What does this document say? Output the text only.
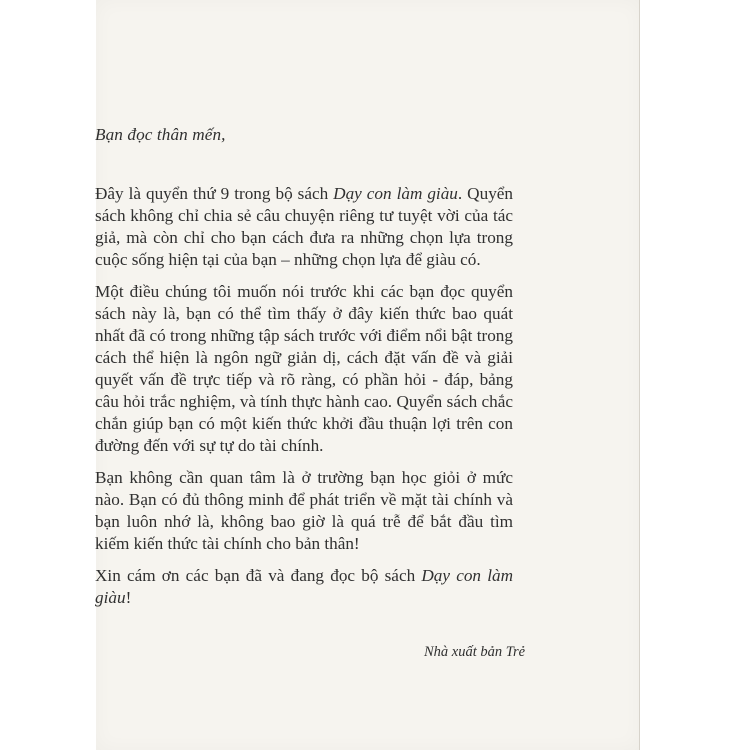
Bạn đọc thân mến,

Đây là quyển thứ 9 trong bộ sách Dạy con làm giàu. Quyển sách không chỉ chia sẻ câu chuyện riêng tư tuyệt vời của tác giả, mà còn chỉ cho bạn cách đưa ra những chọn lựa trong cuộc sống hiện tại của bạn – những chọn lựa để giàu có.

Một điều chúng tôi muốn nói trước khi các bạn đọc quyển sách này là, bạn có thể tìm thấy ở đây kiến thức bao quát nhất đã có trong những tập sách trước với điểm nổi bật trong cách thể hiện là ngôn ngữ giản dị, cách đặt vấn đề và giải quyết vấn đề trực tiếp và rõ ràng, có phần hỏi - đáp, bảng câu hỏi trắc nghiệm, và tính thực hành cao. Quyển sách chắc chắn giúp bạn có một kiến thức khởi đầu thuận lợi trên con đường đến với sự tự do tài chính.

Bạn không cần quan tâm là ở trường bạn học giỏi ở mức nào. Bạn có đủ thông minh để phát triển về mặt tài chính và bạn luôn nhớ là, không bao giờ là quá trễ để bắt đầu tìm kiếm kiến thức tài chính cho bản thân!

Xin cám ơn các bạn đã và đang đọc bộ sách Dạy con làm giàu!

Nhà xuất bản Trẻ
